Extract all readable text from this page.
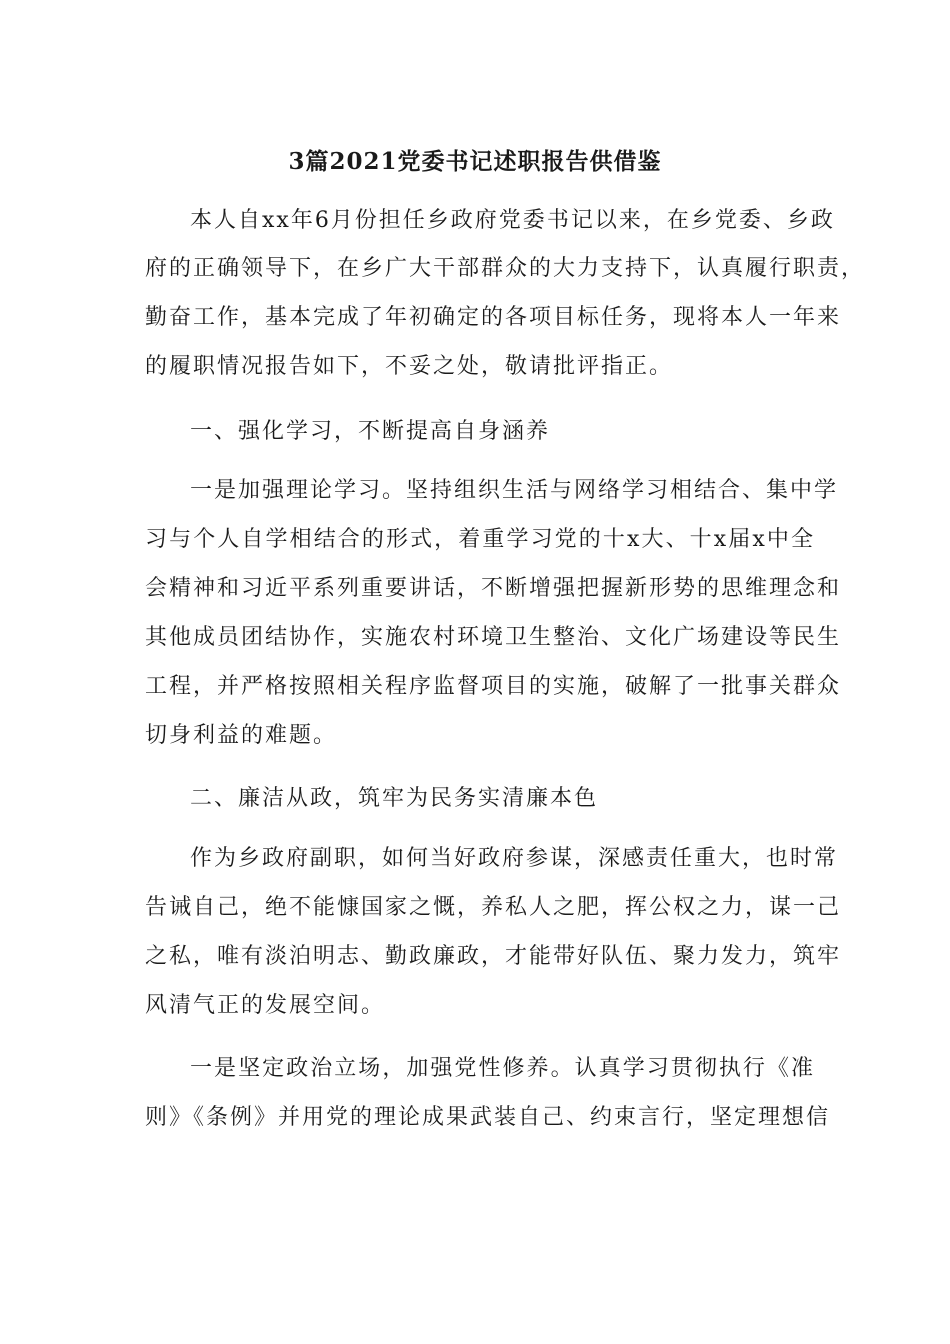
3篇2021党委书记述职报告供借鉴
本人自xx年6月份担任乡政府党委书记以来，在乡党委、乡政
府的正确领导下，在乡广大干部群众的大力支持下，认真履行职责，
勤奋工作，基本完成了年初确定的各项目标任务，现将本人一年来
的履职情况报告如下，不妥之处，敬请批评指正。
一、强化学习，不断提高自身涵养
一是加强理论学习。坚持组织生活与网络学习相结合、集中学
习与个人自学相结合的形式，着重学习党的十x大、十x届x中全
会精神和习近平系列重要讲话，不断增强把握新形势的思维理念和
其他成员团结协作，实施农村环境卫生整治、文化广场建设等民生
工程，并严格按照相关程序监督项目的实施，破解了一批事关群众
切身利益的难题。
二、廉洁从政，筑牢为民务实清廉本色
作为乡政府副职，如何当好政府参谋，深感责任重大，也时常
告诫自己，绝不能慷国家之慨，养私人之肥，挥公权之力，谋一己
之私，唯有淡泊明志、勤政廉政，才能带好队伍、聚力发力，筑牢
风清气正的发展空间。
一是坚定政治立场，加强党性修养。认真学习贯彻执行《准
则》《条例》并用党的理论成果武装自己、约束言行，坚定理想信
